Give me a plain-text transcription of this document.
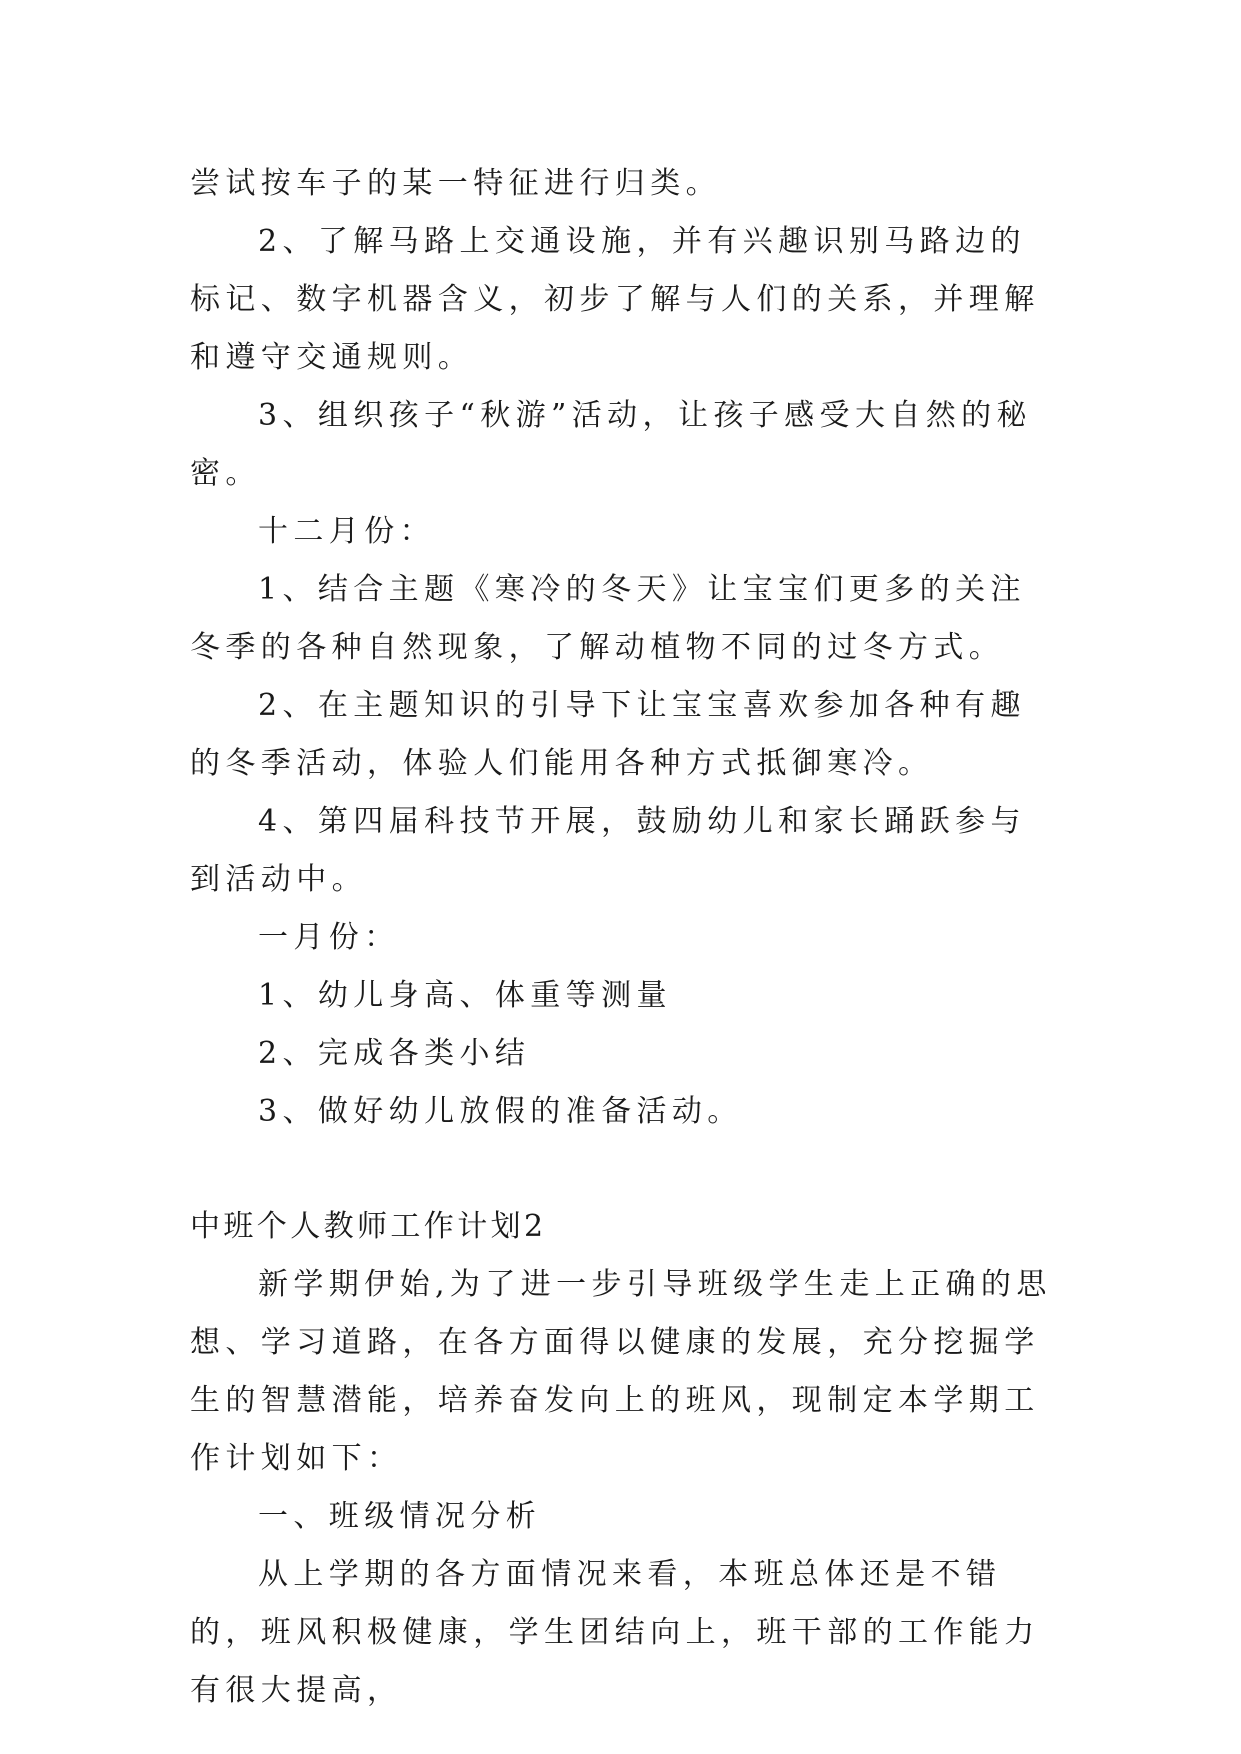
尝试按车子的某一特征进行归类。

2、了解马路上交通设施，并有兴趣识别马路边的标记、数字机器含义，初步了解与人们的关系，并理解和遵守交通规则。

3、组织孩子“秋游”活动，让孩子感受大自然的秘密。

十二月份：

1、结合主题《寒冷的冬天》让宝宝们更多的关注冬季的各种自然现象，了解动植物不同的过冬方式。

2、在主题知识的引导下让宝宝喜欢参加各种有趣的冬季活动，体验人们能用各种方式抵御寒冷。

4、第四届科技节开展，鼓励幼儿和家长踊跃参与到活动中。

一月份：

1、幼儿身高、体重等测量

2、完成各类小结

3、做好幼儿放假的准备活动。

中班个人教师工作计划2

新学期伊始,为了进一步引导班级学生走上正确的思想、学习道路，在各方面得以健康的发展，充分挖掘学生的智慧潜能，培养奋发向上的班风，现制定本学期工作计划如下：

一、班级情况分析

从上学期的各方面情况来看，本班总体还是不错的，班风积极健康，学生团结向上，班干部的工作能力有很大提高，
